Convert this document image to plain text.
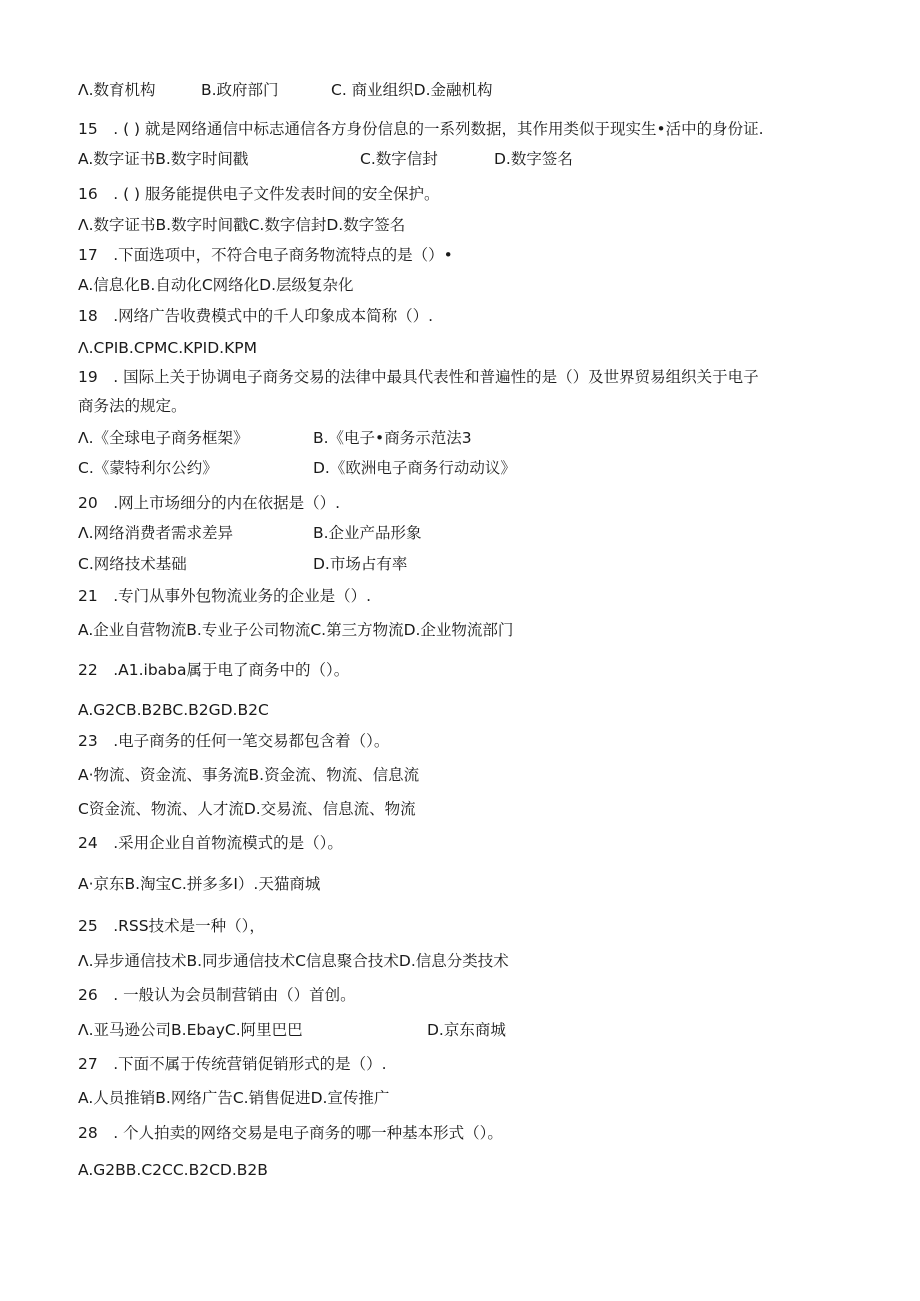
Λ.数育机构	B.政府部门	C. 商业组织D.金融机构
15　. ( ) 就是网络通信中标志通信各方身份信息的一系列数据，其作用类似于现实生•活中的身份证.
A.数字证书B.数字时间戳	C.数字信封	D.数字签名
16　. ( ) 服务能提供电子文件发表时间的安全保护。
Λ.数字证书B.数字时间戳C.数字信封D.数字签名
17　.下面选项中，不符合电子商务物流特点的是（）•
A.信息化B.自动化C网络化D.层级复杂化
18　.网络广告收费模式中的千人印象成本简称（）.
Λ.CPIB.CPMC.KPID.KPM
19　. 国际上关于协调电子商务交易的法律中最具代表性和普遍性的是（）及世界贸易组织关于电子
商务法的规定。
Λ.《全球电子商务框架》	B.《电子•商务示范法3
C.《蒙特利尔公约》	D.《欧洲电子商务行动动议》
20　.网上市场细分的内在依据是（）.
Λ.网络消费者需求差异	B.企业产品形象
C.网络技术基础	D.市场占有率
21　.专门从事外包物流业务的企业是（）.
A.企业自营物流B.专业子公司物流C.第三方物流D.企业物流部门
22　.A1.ibaba属于电了商务中的（）。
A.G2CB.B2BC.B2GD.B2C
23　.电子商务的任何一笔交易都包含着（）。
A·物流、资金流、事务流B.资金流、物流、信息流
C资金流、物流、人才流D.交易流、信息流、物流
24　.采用企业自首物流模式的是（）。
A·京东B.淘宝C.拼多多I）.天猫商城
25　.RSS技术是一种（），
Λ.异步通信技术B.同步通信技术C信息聚合技术D.信息分类技术
26　. 一般认为会员制营销由（）首创。
Λ.亚马逊公司B.EbayC.阿里巴巴	D.京东商城
27　.下面不属于传统营销促销形式的是（）.
A.人员推销B.网络广告C.销售促进D.宣传推广
28　. 个人拍卖的网络交易是电子商务的哪一种基本形式（）。
A.G2BB.C2CC.B2CD.B2B
